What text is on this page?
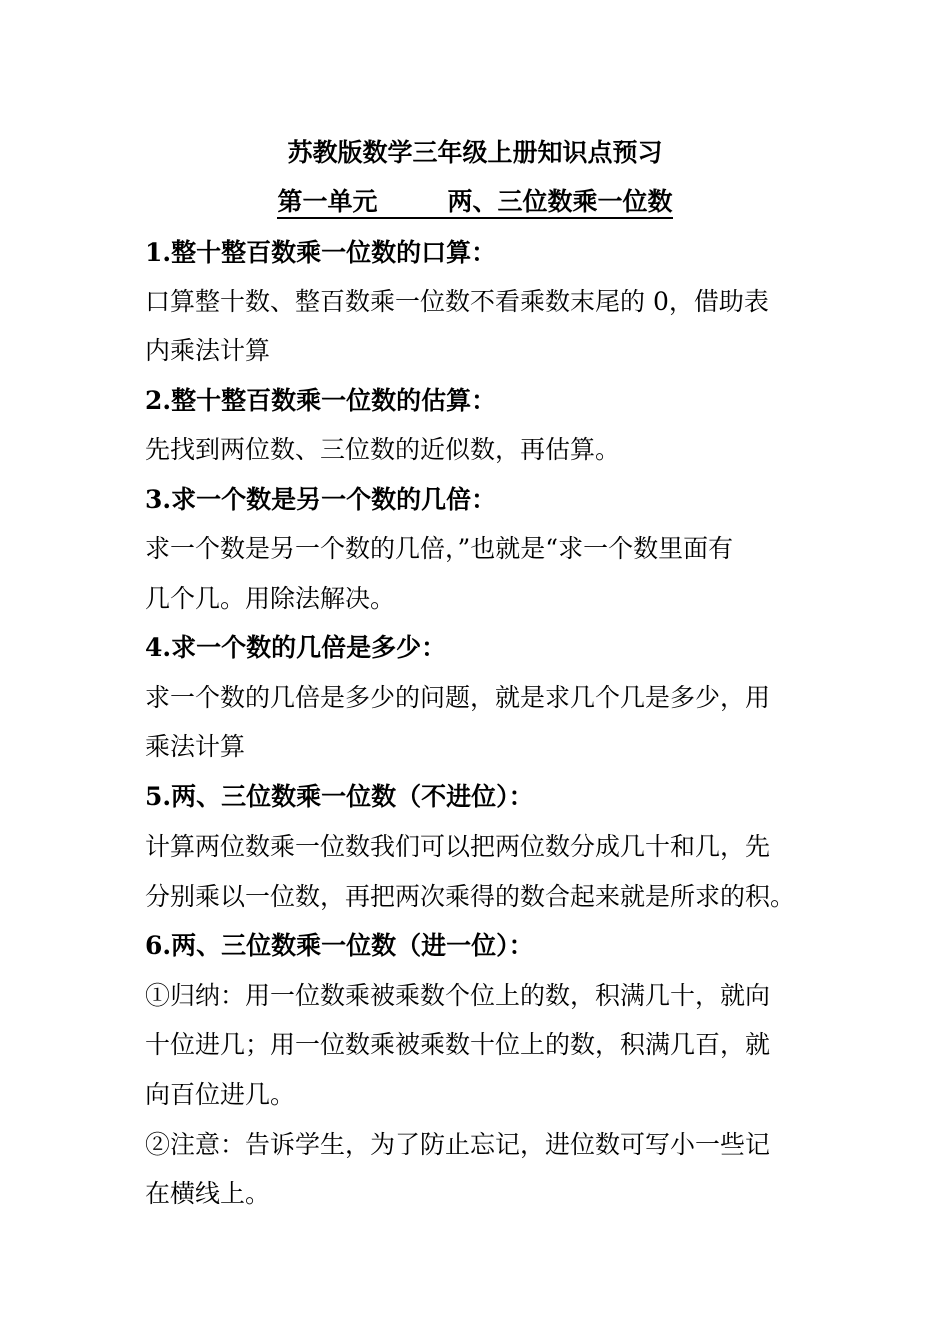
苏教版数学三年级上册知识点预习
第一单元	两、三位数乘一位数
1.整十整百数乘一位数的口算：
口算整十数、整百数乘一位数不看乘数末尾的 0，借助表
内乘法计算
2.整十整百数乘一位数的估算：
先找到两位数、三位数的近似数，再估算。
3.求一个数是另一个数的几倍：
求一个数是另一个数的几倍，”也就是“求一个数里面有
几个几。用除法解决。
4.求一个数的几倍是多少：
求一个数的几倍是多少的问题，就是求几个几是多少，用
乘法计算
5.两、三位数乘一位数（不进位）：
计算两位数乘一位数我们可以把两位数分成几十和几，先
分别乘以一位数，再把两次乘得的数合起来就是所求的积。
6.两、三位数乘一位数（进一位）：
①归纳：用一位数乘被乘数个位上的数，积满几十，就向
十位进几；用一位数乘被乘数十位上的数，积满几百，就
向百位进几。
②注意：告诉学生，为了防止忘记，进位数可写小一些记
在横线上。
